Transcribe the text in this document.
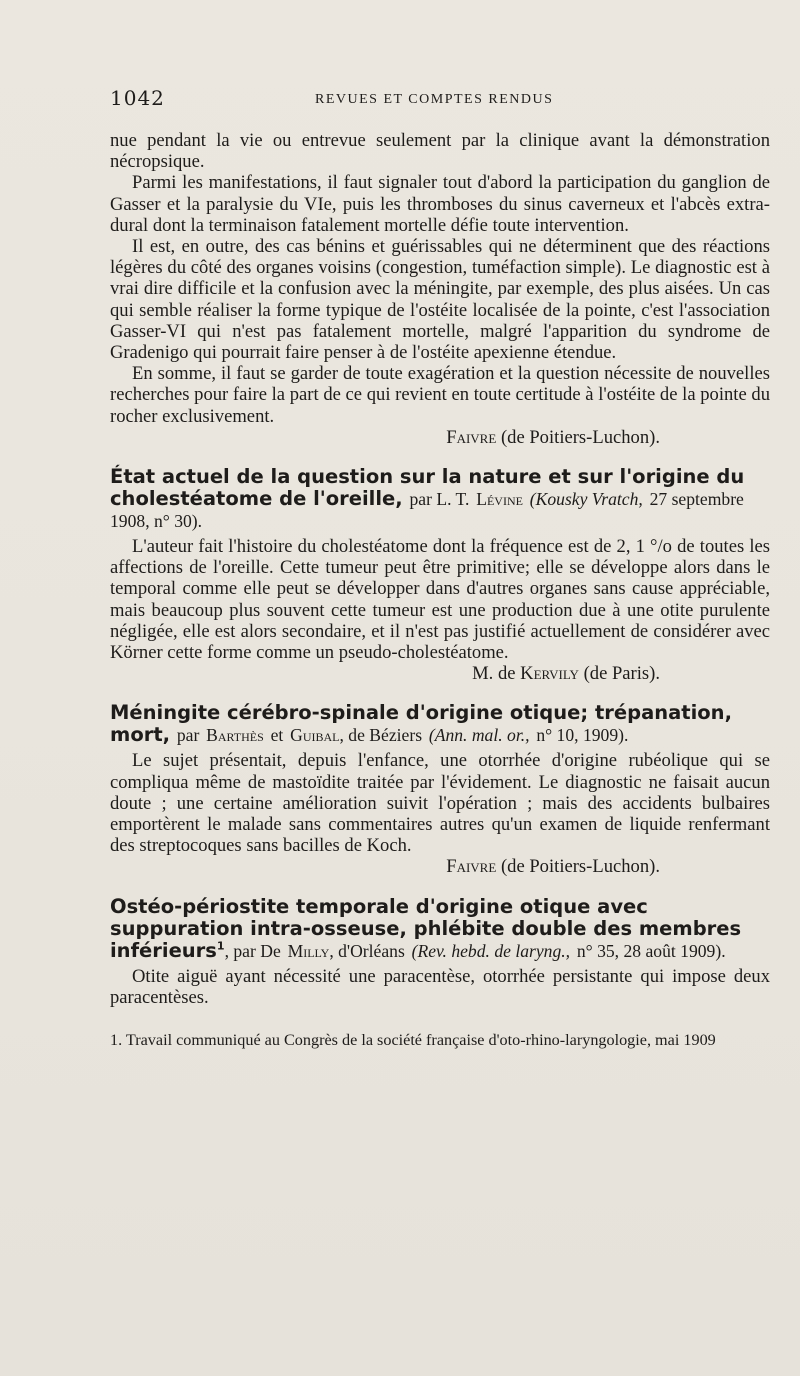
1042	REVUES ET COMPTES RENDUS

nue pendant la vie ou entrevue seulement par la clinique avant la démonstration nécropsique.

Parmi les manifestations, il faut signaler tout d'abord la participation du ganglion de Gasser et la paralysie du VIe, puis les thromboses du sinus caverneux et l'abcès extra-dural dont la terminaison fatalement mortelle défie toute intervention.

Il est, en outre, des cas bénins et guérissables qui ne déterminent que des réactions légères du côté des organes voisins (congestion, tuméfaction simple). Le diagnostic est à vrai dire difficile et la confusion avec la méningite, par exemple, des plus aisées. Un cas qui semble réaliser la forme typique de l'ostéite localisée de la pointe, c'est l'association Gasser-VI qui n'est pas fatalement mortelle, malgré l'apparition du syndrome de Gradenigo qui pourrait faire penser à de l'ostéite apexienne étendue.

En somme, il faut se garder de toute exagération et la question nécessite de nouvelles recherches pour faire la part de ce qui revient en toute certitude à l'ostéite de la pointe du rocher exclusivement.

Faivre (de Poitiers-Luchon).

État actuel de la question sur la nature et sur l'origine du cholestéatome de l'oreille, par L. T. Lévine (Kousky Vratch, 27 septembre 1908, n° 30).

L'auteur fait l'histoire du cholestéatome dont la fréquence est de 2, 1 °/o de toutes les affections de l'oreille. Cette tumeur peut être primitive; elle se développe alors dans le temporal comme elle peut se développer dans d'autres organes sans cause appréciable, mais beaucoup plus souvent cette tumeur est une production due à une otite purulente négligée, elle est alors secondaire, et il n'est pas justifié actuellement de considérer avec Körner cette forme comme un pseudo-cholestéatome.

M. de Kervily (de Paris).

Méningite cérébro-spinale d'origine otique; trépanation, mort, par Barthès et Guibal, de Béziers (Ann. mal. or., n° 10, 1909).

Le sujet présentait, depuis l'enfance, une otorrhée d'origine rubéolique qui se compliqua même de mastoïdite traitée par l'évidement. Le diagnostic ne faisait aucun doute ; une certaine amélioration suivit l'opération ; mais des accidents bulbaires emportèrent le malade sans commentaires autres qu'un examen de liquide renfermant des streptocoques sans bacilles de Koch.

Faivre (de Poitiers-Luchon).

Ostéo-périostite temporale d'origine otique avec suppuration intra-osseuse, phlébite double des membres inférieurs$^1$, par De Milly, d'Orléans (Rev. hebd. de laryng., n° 35, 28 août 1909).

Otite aiguë ayant nécessité une paracentèse, otorrhée persistante qui impose deux paracentèses.

1. Travail communiqué au Congrès de la société française d'oto-rhino-laryngologie, mai 1909
